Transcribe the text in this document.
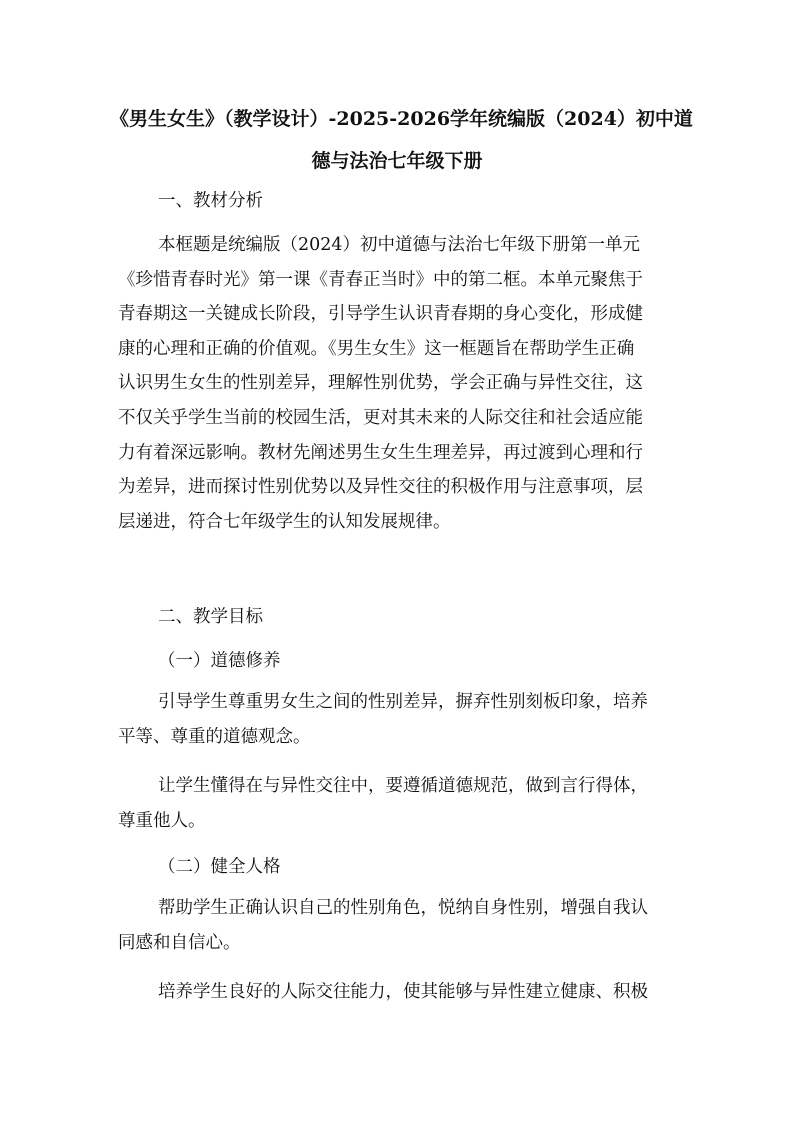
《男生女生》（教学设计）-2025-2026学年统编版（2024）初中道
德与法治七年级下册
一、教材分析
本框题是统编版（2024）初中道德与法治七年级下册第一单元
《珍惜青春时光》第一课《青春正当时》中的第二框。本单元聚焦于
青春期这一关键成长阶段，引导学生认识青春期的身心变化，形成健
康的心理和正确的价值观。《男生女生》这一框题旨在帮助学生正确
认识男生女生的性别差异，理解性别优势，学会正确与异性交往，这
不仅关乎学生当前的校园生活，更对其未来的人际交往和社会适应能
力有着深远影响。教材先阐述男生女生生理差异，再过渡到心理和行
为差异，进而探讨性别优势以及异性交往的积极作用与注意事项，层
层递进，符合七年级学生的认知发展规律。
二、教学目标
（一）道德修养
引导学生尊重男女生之间的性别差异，摒弃性别刻板印象，培养
平等、尊重的道德观念。
让学生懂得在与异性交往中，要遵循道德规范，做到言行得体，
尊重他人。
（二）健全人格
帮助学生正确认识自己的性别角色，悦纳自身性别，增强自我认
同感和自信心。
培养学生良好的人际交往能力，使其能够与异性建立健康、积极
